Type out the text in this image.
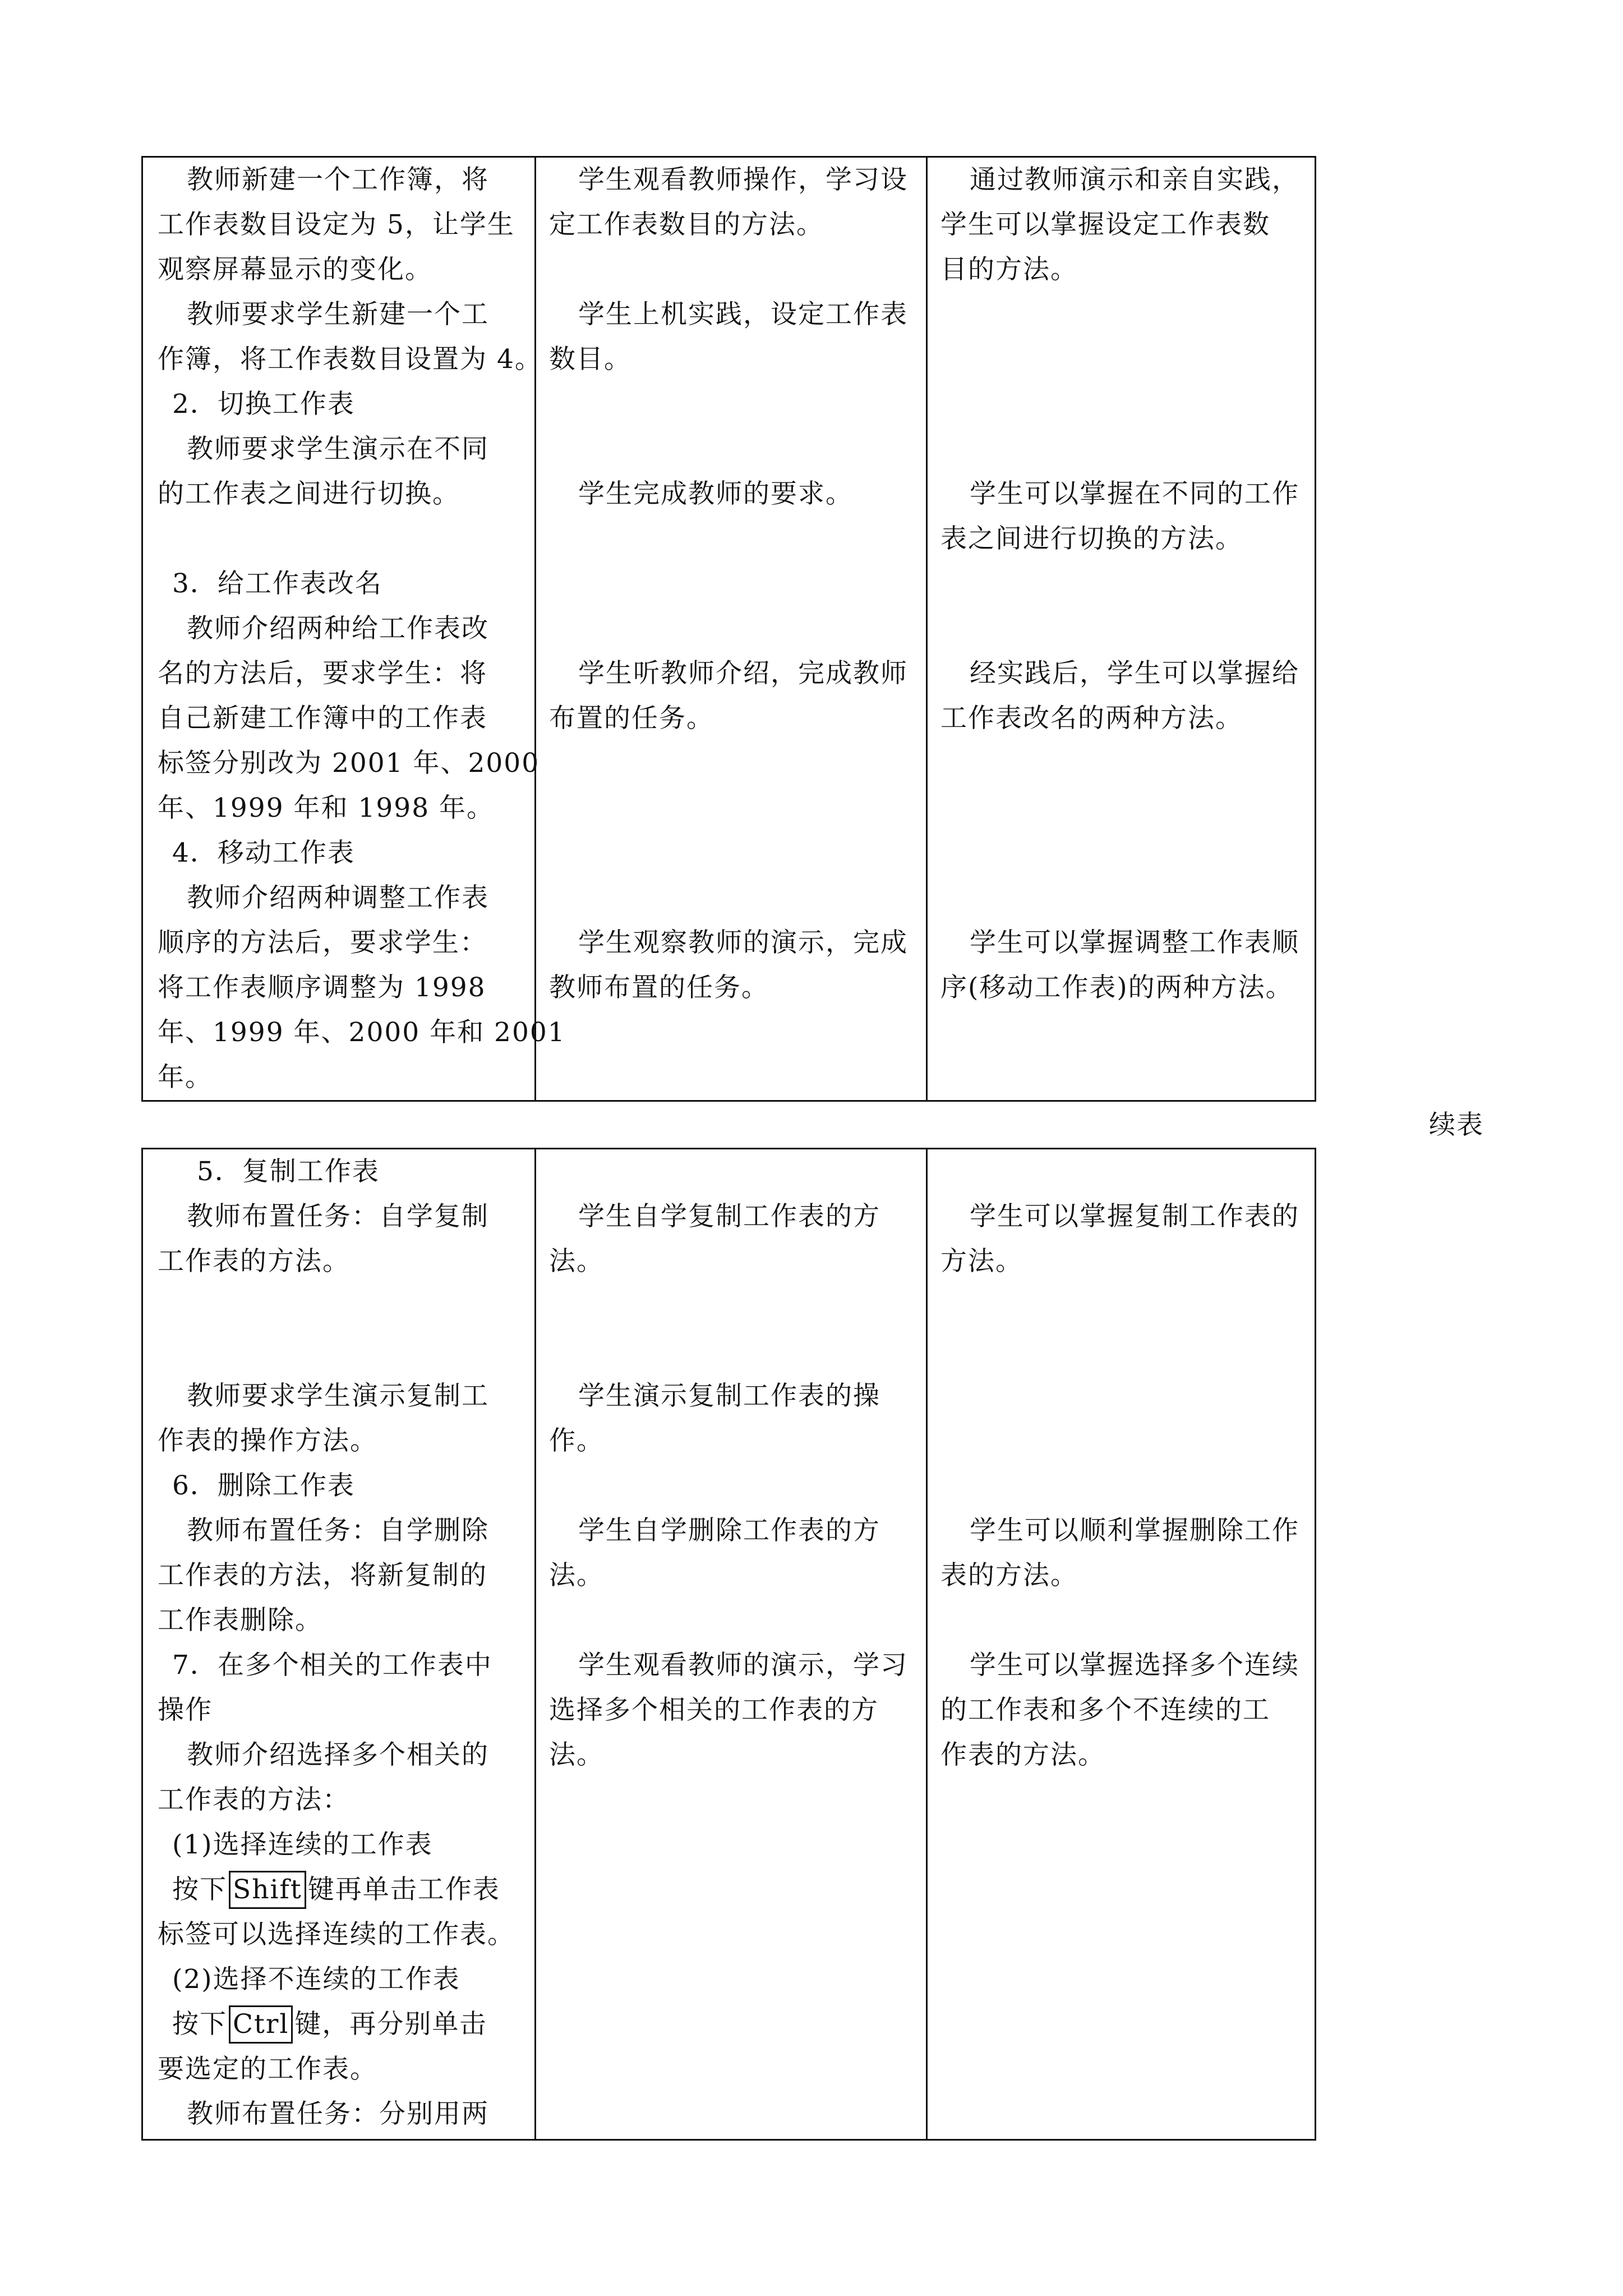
教师新建一个工作簿，将
工作表数目设定为 5，让学生
观察屏幕显示的变化。
教师要求学生新建一个工
作簿，将工作表数目设置为 4。
2．切换工作表
教师要求学生演示在不同
的工作表之间进行切换。
3．给工作表改名
教师介绍两种给工作表改
名的方法后，要求学生：将
自己新建工作簿中的工作表
标签分别改为 2001 年、2000
年、1999 年和 1998 年。
4．移动工作表
教师介绍两种调整工作表
顺序的方法后，要求学生：
将工作表顺序调整为 1998
年、1999 年、2000 年和 2001
年。
学生观看教师操作，学习设
定工作表数目的方法。
学生上机实践，设定工作表
数目。
学生完成教师的要求。
学生听教师介绍，完成教师
布置的任务。
学生观察教师的演示，完成
教师布置的任务。
通过教师演示和亲自实践，
学生可以掌握设定工作表数
目的方法。
学生可以掌握在不同的工作
表之间进行切换的方法。
经实践后，学生可以掌握给
工作表改名的两种方法。
学生可以掌握调整工作表顺
序(移动工作表)的两种方法。
续表
5．复制工作表
教师布置任务：自学复制
工作表的方法。
教师要求学生演示复制工
作表的操作方法。
6．删除工作表
教师布置任务：自学删除
工作表的方法，将新复制的
工作表删除。
7．在多个相关的工作表中
操作
教师介绍选择多个相关的
工作表的方法：
(1)选择连续的工作表
按下 Shift 键再单击工作表
标签可以选择连续的工作表。
(2)选择不连续的工作表
按下 Ctrl 键，再分别单击
要选定的工作表。
教师布置任务：分别用两
学生自学复制工作表的方
法。
学生演示复制工作表的操
作。
学生自学删除工作表的方
法。
学生观看教师的演示，学习
选择多个相关的工作表的方
法。
学生可以掌握复制工作表的
方法。
学生可以顺利掌握删除工作
表的方法。
学生可以掌握选择多个连续
的工作表和多个不连续的工
作表的方法。
